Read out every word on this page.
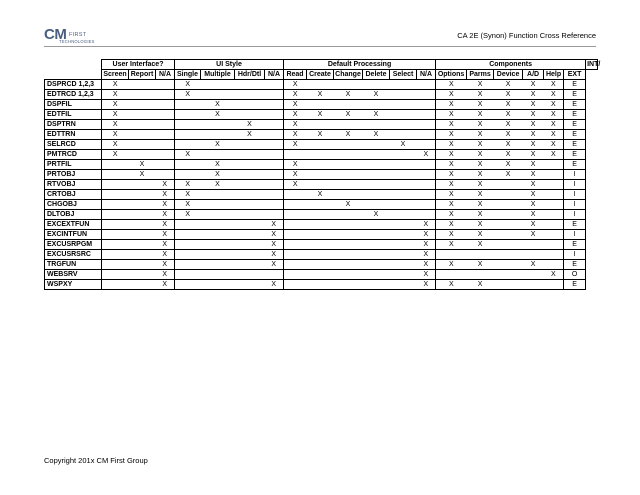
CM FIRST
TECHNOLOGIES
CA 2E (Synon) Function Cross Reference
	User Interface?			UI Style				Default Processing						Components						INT/
	Screen	Report	N/A	Single	Multiple	Hdr/Dtl	N/A	Read	Create	Change	Delete	Select	N/A	Options	Parms	Device	A/D	Help	EXT	
DSPRCD 1,2,3	X			X				X						X	X	X	X	X	E	
EDTRCD 1,2,3	X			X				X	X	X	X			X	X	X	X	X	E	
DSPFIL	X				X			X						X	X	X	X	X	E	
EDTFIL	X				X			X	X	X	X			X	X	X	X	X	E	
DSPTRN	X					X		X						X	X	X	X	X	E	
EDTTRN	X					X		X	X	X	X			X	X	X	X	X	E	
SELRCD	X				X			X				X		X	X	X	X	X	E	
PMTRCD	X			X									X	X	X	X	X	X	E	
PRTFIL		X			X			X						X	X	X	X		E	
PRTOBJ		X			X			X						X	X	X	X		I	
RTVOBJ			X	X	X			X						X	X		X		I	
CRTOBJ			X	X					X					X	X		X		I	
CHGOBJ			X	X						X				X	X		X		I	
DLTOBJ			X	X							X			X	X		X		I	
EXCEXTFUN			X				X						X	X	X		X		E	
EXCINTFUN			X				X						X	X	X		X		I	
EXCUSRPGM			X				X						X	X	X				E	
EXCUSRSRC			X				X						X						I	
TRGFUN			X				X						X	X	X		X		E	
WEBSRV			X										X					X	O	
WSPXY			X				X						X	X	X				E	
Copyright 201x CM First Group
